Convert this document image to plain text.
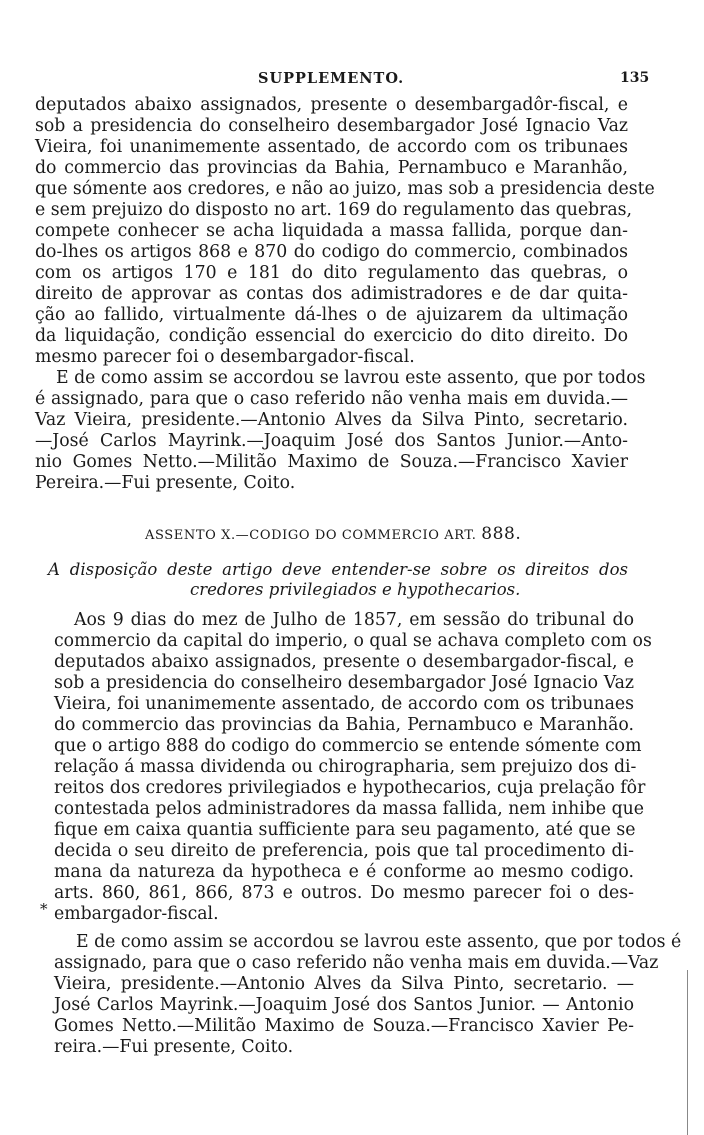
SUPPLEMENTO.	135
deputados abaixo assignados, presente o desembargadôr-fiscal, e
sob a presidencia do conselheiro desembargador José Ignacio Vaz
Vieira, foi unanimemente assentado, de accordo com os tribunaes
do commercio das provincias da Bahia, Pernambuco e Maranhão,
que sómente aos credores, e não ao juizo, mas sob a presidencia deste
e sem prejuizo do disposto no art. 169 do regulamento das quebras,
compete conhecer se acha liquidada a massa fallida, porque dan-
do-lhes os artigos 868 e 870 do codigo do commercio, combinados
com os artigos 170 e 181 do dito regulamento das quebras, o
direito de approvar as contas dos adimistradores e de dar quita-
ção ao fallido, virtualmente dá-lhes o de ajuizarem da ultimação
da liquidação, condição essencial do exercicio do dito direito. Do
mesmo parecer foi o desembargador-fiscal.
E de como assim se accordou se lavrou este assento, que por todos
é assignado, para que o caso referido não venha mais em duvida.—
Vaz Vieira, presidente.—Antonio Alves da Silva Pinto, secretario.
—José Carlos Mayrink.—Joaquim José dos Santos Junior.—Anto-
nio Gomes Netto.—Militão Maximo de Souza.—Francisco Xavier
Pereira.—Fui presente, Coito.
ASSENTO X.—CODIGO DO COMMERCIO ART. 888.
A disposição deste artigo deve entender-se sobre os direitos dos
credores privilegiados e hypothecarios.
Aos 9 dias do mez de Julho de 1857, em sessão do tribunal do
commercio da capital do imperio, o qual se achava completo com os
deputados abaixo assignados, presente o desembargador-fiscal, e
sob a presidencia do conselheiro desembargador José Ignacio Vaz
Vieira, foi unanimemente assentado, de accordo com os tribunaes
do commercio das provincias da Bahia, Pernambuco e Maranhão.
que o artigo 888 do codigo do commercio se entende sómente com
relação á massa dividenda ou chirographaria, sem prejuizo dos di-
reitos dos credores privilegiados e hypothecarios, cuja prelação fôr
contestada pelos administradores da massa fallida, nem inhibe que
fique em caixa quantia sufficiente para seu pagamento, até que se
decida o seu direito de preferencia, pois que tal procedimento di-
mana da natureza da hypotheca e é conforme ao mesmo codigo.
arts. 860, 861, 866, 873 e outros. Do mesmo parecer foi o des-
embargador-fiscal.
E de como assim se accordou se lavrou este assento, que por todos é
assignado, para que o caso referido não venha mais em duvida.—Vaz
Vieira, presidente.—Antonio Alves da Silva Pinto, secretario. —
José Carlos Mayrink.—Joaquim José dos Santos Junior. — Antonio
Gomes Netto.—Militão Maximo de Souza.—Francisco Xavier Pe-
reira.—Fui presente, Coito.
*
